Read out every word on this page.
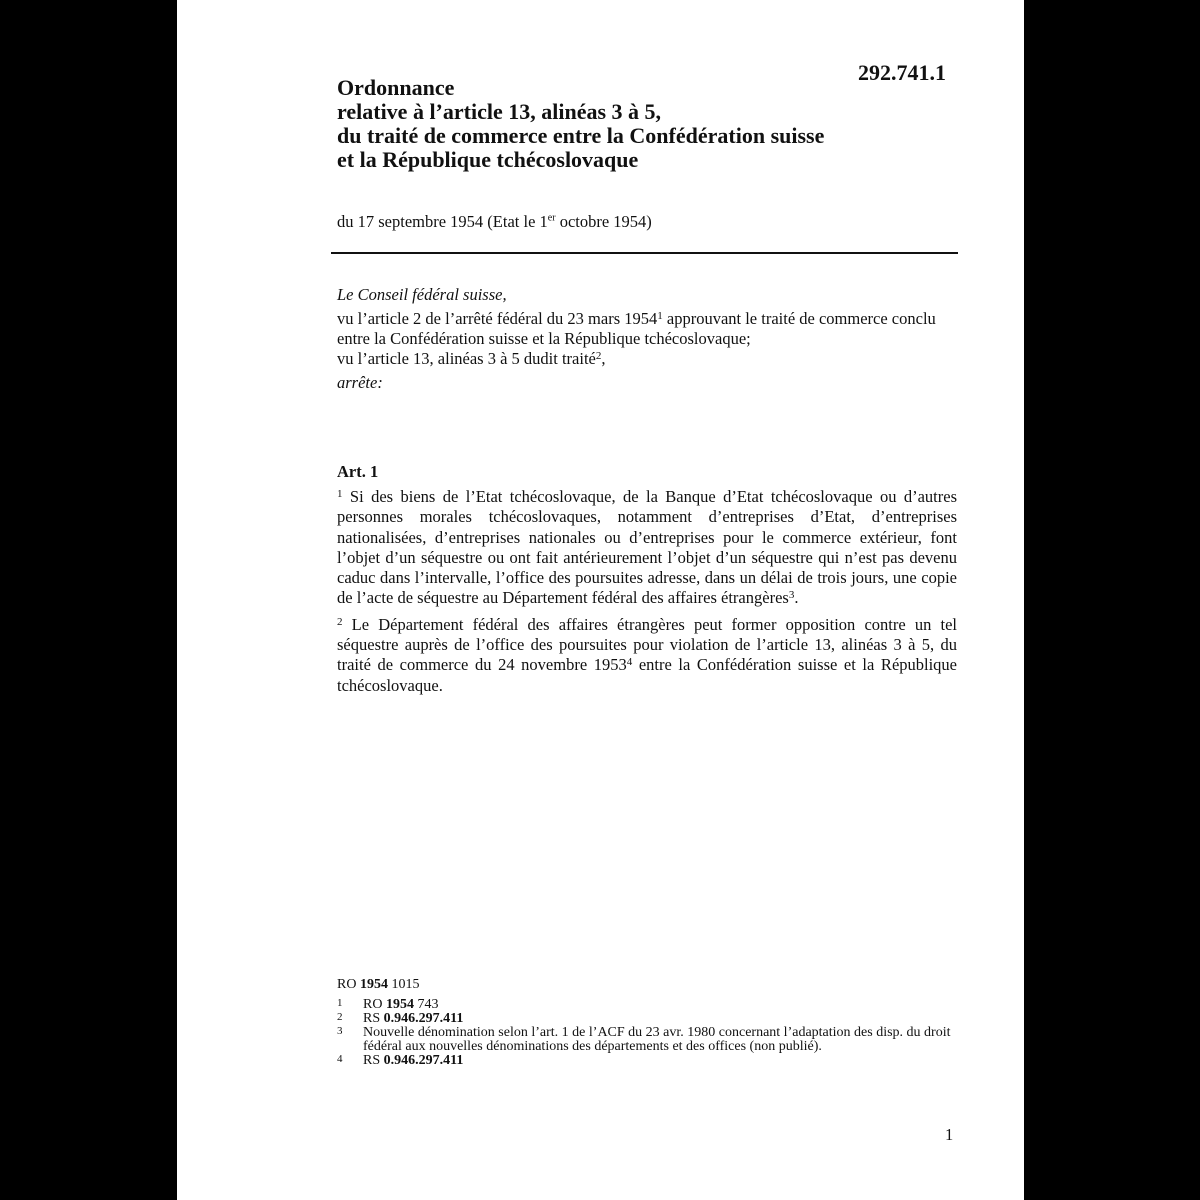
292.741.1
Ordonnance
relative à l’article 13, alinéas 3 à 5,
du traité de commerce entre la Confédération suisse
et la République tchécoslovaque
du 17 septembre 1954 (Etat le 1er octobre 1954)

Le Conseil fédéral suisse,

vu l’article 2 de l’arrêté fédéral du 23 mars 1954$^1$ approuvant le traité de commerce conclu entre la Confédération suisse et la République tchécoslovaque;

vu l’article 13, alinéas 3 à 5 dudit traité$^2$,

arrête:

Art. 1

$^1$ Si des biens de l’Etat tchécoslovaque, de la Banque d’Etat tchécoslovaque ou d’autres personnes morales tchécoslovaques, notamment d’entreprises d’Etat, d’entreprises nationalisées, d’entreprises nationales ou d’entreprises pour le commerce extérieur, font l’objet d’un séquestre ou ont fait antérieurement l’objet d’un séquestre qui n’est pas devenu caduc dans l’intervalle, l’office des poursuites adresse, dans un délai de trois jours, une copie de l’acte de séquestre au Département fédéral des affaires étrangères$^3$.

$^2$ Le Département fédéral des affaires étrangères peut former opposition contre un tel séquestre auprès de l’office des poursuites pour violation de l’article 13, alinéas 3 à 5, du traité de commerce du 24 novembre 1953$^4$ entre la Confédération suisse et la République tchécoslovaque.

RO 1954 1015
1	RO 1954 743
2	RS 0.946.297.411
3	Nouvelle dénomination selon l’art. 1 de l’ACF du 23 avr. 1980 concernant l’adaptation des disp. du droit fédéral aux nouvelles dénominations des départements et des offices (non publié).
4	RS 0.946.297.411
1
